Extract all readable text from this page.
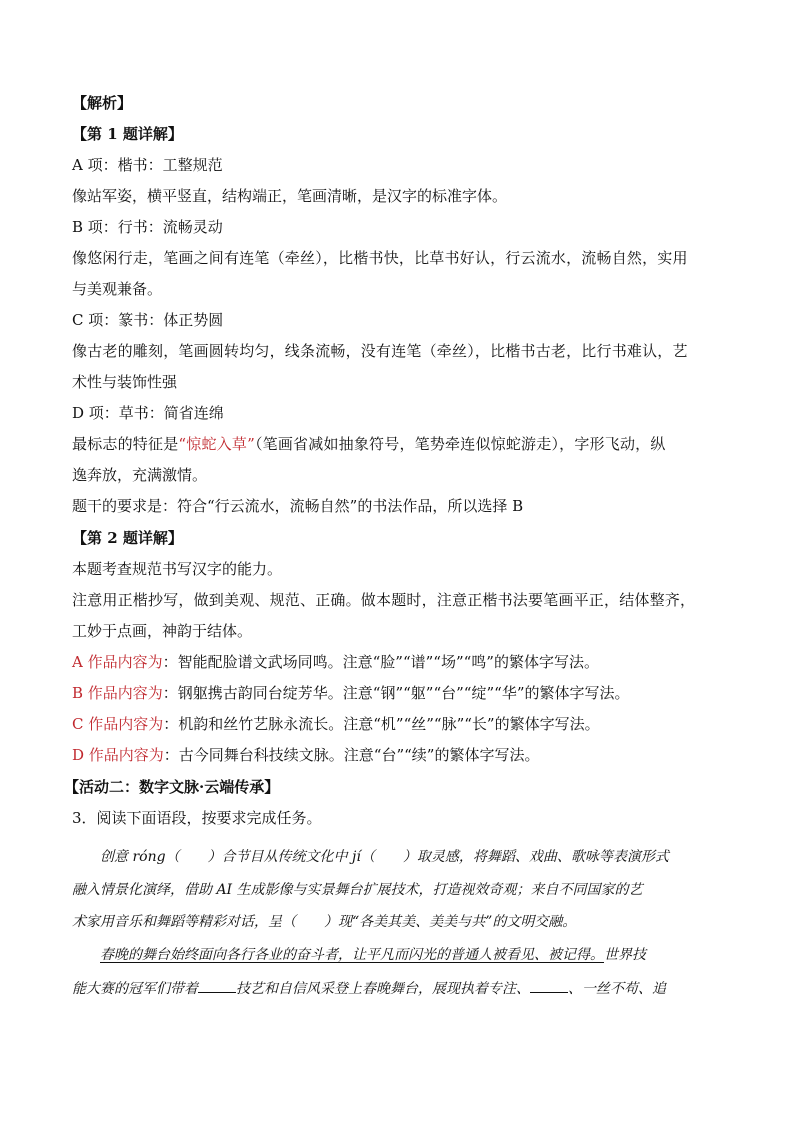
【解析】
【第 1 题详解】
A 项：楷书：工整规范
像站军姿，横平竖直，结构端正，笔画清晰，是汉字的标准字体。
B 项：行书：流畅灵动
像悠闲行走，笔画之间有连笔（牵丝），比楷书快，比草书好认，行云流水，流畅自然，实用
与美观兼备。
C 项：篆书：体正势圆
像古老的雕刻，笔画圆转均匀，线条流畅，没有连笔（牵丝），比楷书古老，比行书难认，艺
术性与装饰性强
D 项：草书：简省连绵
最标志的特征是“惊蛇入草”（笔画省减如抽象符号，笔势牵连似惊蛇游走），字形飞动，纵
逸奔放，充满激情。
题干的要求是：符合“行云流水，流畅自然”的书法作品，所以选择 B
【第 2 题详解】
本题考查规范书写汉字的能力。
注意用正楷抄写，做到美观、规范、正确。做本题时，注意正楷书法要笔画平正，结体整齐，
工妙于点画，神韵于结体。
A 作品内容为：智能配脸谱文武场同鸣。注意“脸”“谱”“场”“鸣”的繁体字写法。
B 作品内容为：钢躯携古韵同台绽芳华。注意“钢”“躯”“台”“绽”“华”的繁体字写法。
C 作品内容为：机韵和丝竹艺脉永流长。注意“机”“丝”“脉”“长”的繁体字写法。
D 作品内容为：古今同舞台科技续文脉。注意“台”“续”的繁体字写法。
【活动二：数字文脉·云端传承】
3．阅读下面语段，按要求完成任务。
创意 róng（　　）合节目从传统文化中 jí（　　）取灵感，将舞蹈、戏曲、歌咏等表演形式
融入情景化演绎，借助 AI 生成影像与实景舞台扩展技术，打造视效奇观；来自不同国家的艺
术家用音乐和舞蹈等精彩对话，呈（　　）现“各美其美、美美与共”的文明交融。
春晚的舞台始终面向各行各业的奋斗者，让平凡而闪光的普通人被看见、被记得。世界技
能大赛的冠军们带着	技艺和自信风采登上春晚舞台，展现执着专注、	、一丝不苟、追
